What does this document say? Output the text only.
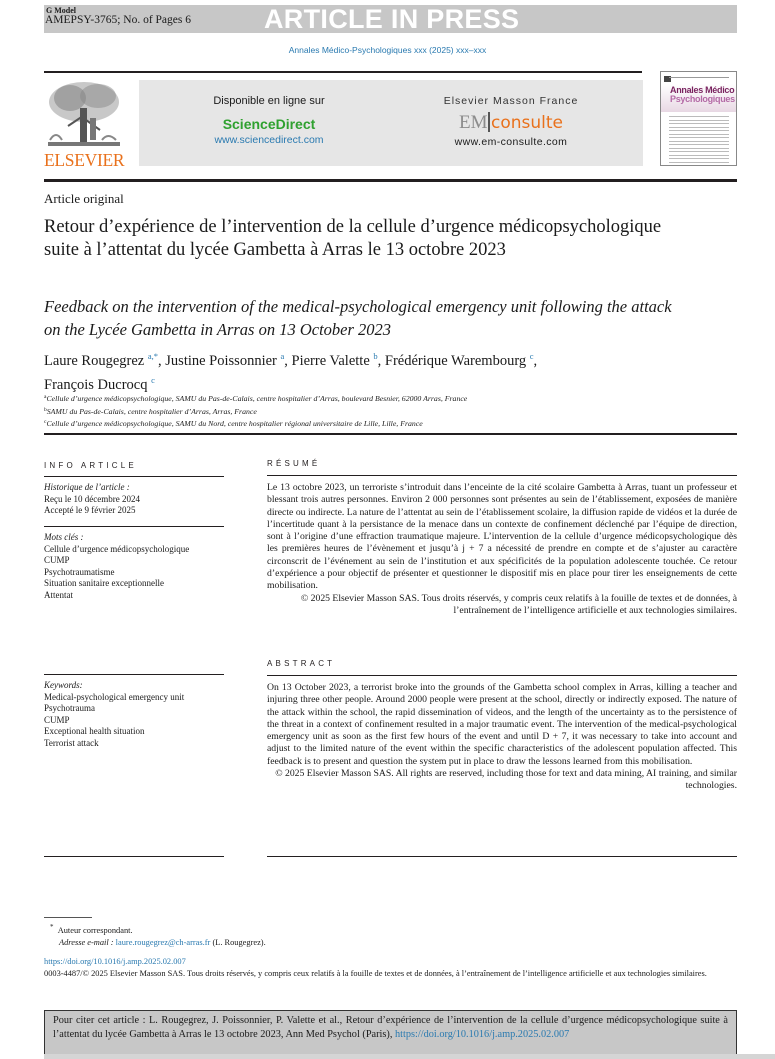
G Model
AMEPSY-3765; No. of Pages 6	ARTICLE IN PRESS
Annales Médico-Psychologiques xxx (2025) xxx–xxx
ELSEVIER
Disponible en ligne sur
ScienceDirect
www.sciencedirect.com
Elsevier Masson France
EM consulte
www.em-consulte.com
Annales Médico
Psychologiques
Article original
Retour d’expérience de l’intervention de la cellule d’urgence médicopsychologique suite à l’attentat du lycée Gambetta à Arras le 13 octobre 2023
Feedback on the intervention of the medical-psychological emergency unit following the attack on the Lycée Gambetta in Arras on 13 October 2023
Laure Rougegrez $^{a,*}$, Justine Poissonnier $^a$, Pierre Valette $^b$, Frédérique Warembourg $^c$,
François Ducrocq $^c$
$^a$Cellule d’urgence médicopsychologique, SAMU du Pas-de-Calais, centre hospitalier d’Arras, boulevard Besnier, 62000 Arras, France
$^b$SAMU du Pas-de-Calais, centre hospitalier d’Arras, Arras, France
$^c$Cellule d’urgence médicopsychologique, SAMU du Nord, centre hospitalier régional universitaire de Lille, Lille, France
INFO ARTICLE
Historique de l’article :
Reçu le 10 décembre 2024
Accepté le 9 février 2025
Mots clés :
Cellule d’urgence médicopsychologique
CUMP
Psychotraumatisme
Situation sanitaire exceptionnelle
Attentat
Keywords:
Medical-psychological emergency unit
Psychotrauma
CUMP
Exceptional health situation
Terrorist attack
RÉSUMÉ

Le 13 octobre 2023, un terroriste s’introduit dans l’enceinte de la cité scolaire Gambetta à Arras, tuant un professeur et blessant trois autres personnes. Environ 2 000 personnes sont présentes au sein de l’établissement, exposées de manière directe ou indirecte. La nature de l’attentat au sein de l’établissement scolaire, la diffusion rapide de vidéos et la durée de l’incertitude quant à la persistance de la menace dans un contexte de confinement déclenché par l’équipe de direction, sont à l’origine d’une effraction traumatique majeure. L’intervention de la cellule d’urgence médicopsychologique dès les premières heures de l’évènement et jusqu’à j + 7 a nécessité de prendre en compte et de s’ajuster au caractère circonscrit de l’événement au sein de l’institution et aux spécificités de la population adolescente touchée. Ce retour d’expérience a pour objectif de présenter et questionner le dispositif mis en place pour tirer les enseignements de cette mobilisation.

© 2025 Elsevier Masson SAS. Tous droits réservés, y compris ceux relatifs à la fouille de textes et de données, à l’entraînement de l’intelligence artificielle et aux technologies similaires.

ABSTRACT

On 13 October 2023, a terrorist broke into the grounds of the Gambetta school complex in Arras, killing a teacher and injuring three other people. Around 2000 people were present at the school, directly or indirectly exposed. The nature of the attack within the school, the rapid dissemination of videos, and the length of the uncertainty as to the persistence of the threat in a context of confinement resulted in a major traumatic event. The intervention of the medical-psychological emergency unit as soon as the first few hours of the event and until D + 7, it was necessary to take into account and adjust to the limited nature of the event within the specific characteristics of the adolescent population affected. This feedback is to present and question the system put in place to draw the lessons learned from this mobilisation.

© 2025 Elsevier Masson SAS. All rights are reserved, including those for text and data mining, AI training, and similar technologies.

* Auteur correspondant.
Adresse e-mail : laure.rougegrez@ch-arras.fr (L. Rougegrez).
https://doi.org/10.1016/j.amp.2025.02.007
0003-4487/© 2025 Elsevier Masson SAS. Tous droits réservés, y compris ceux relatifs à la fouille de textes et de données, à l’entraînement de l’intelligence artificielle et aux technologies similaires.
Pour citer cet article : L. Rougegrez, J. Poissonnier, P. Valette et al., Retour d’expérience de l’intervention de la cellule d’urgence médicopsychologique suite à l’attentat du lycée Gambetta à Arras le 13 octobre 2023, Ann Med Psychol (Paris), https://doi.org/10.1016/j.amp.2025.02.007
